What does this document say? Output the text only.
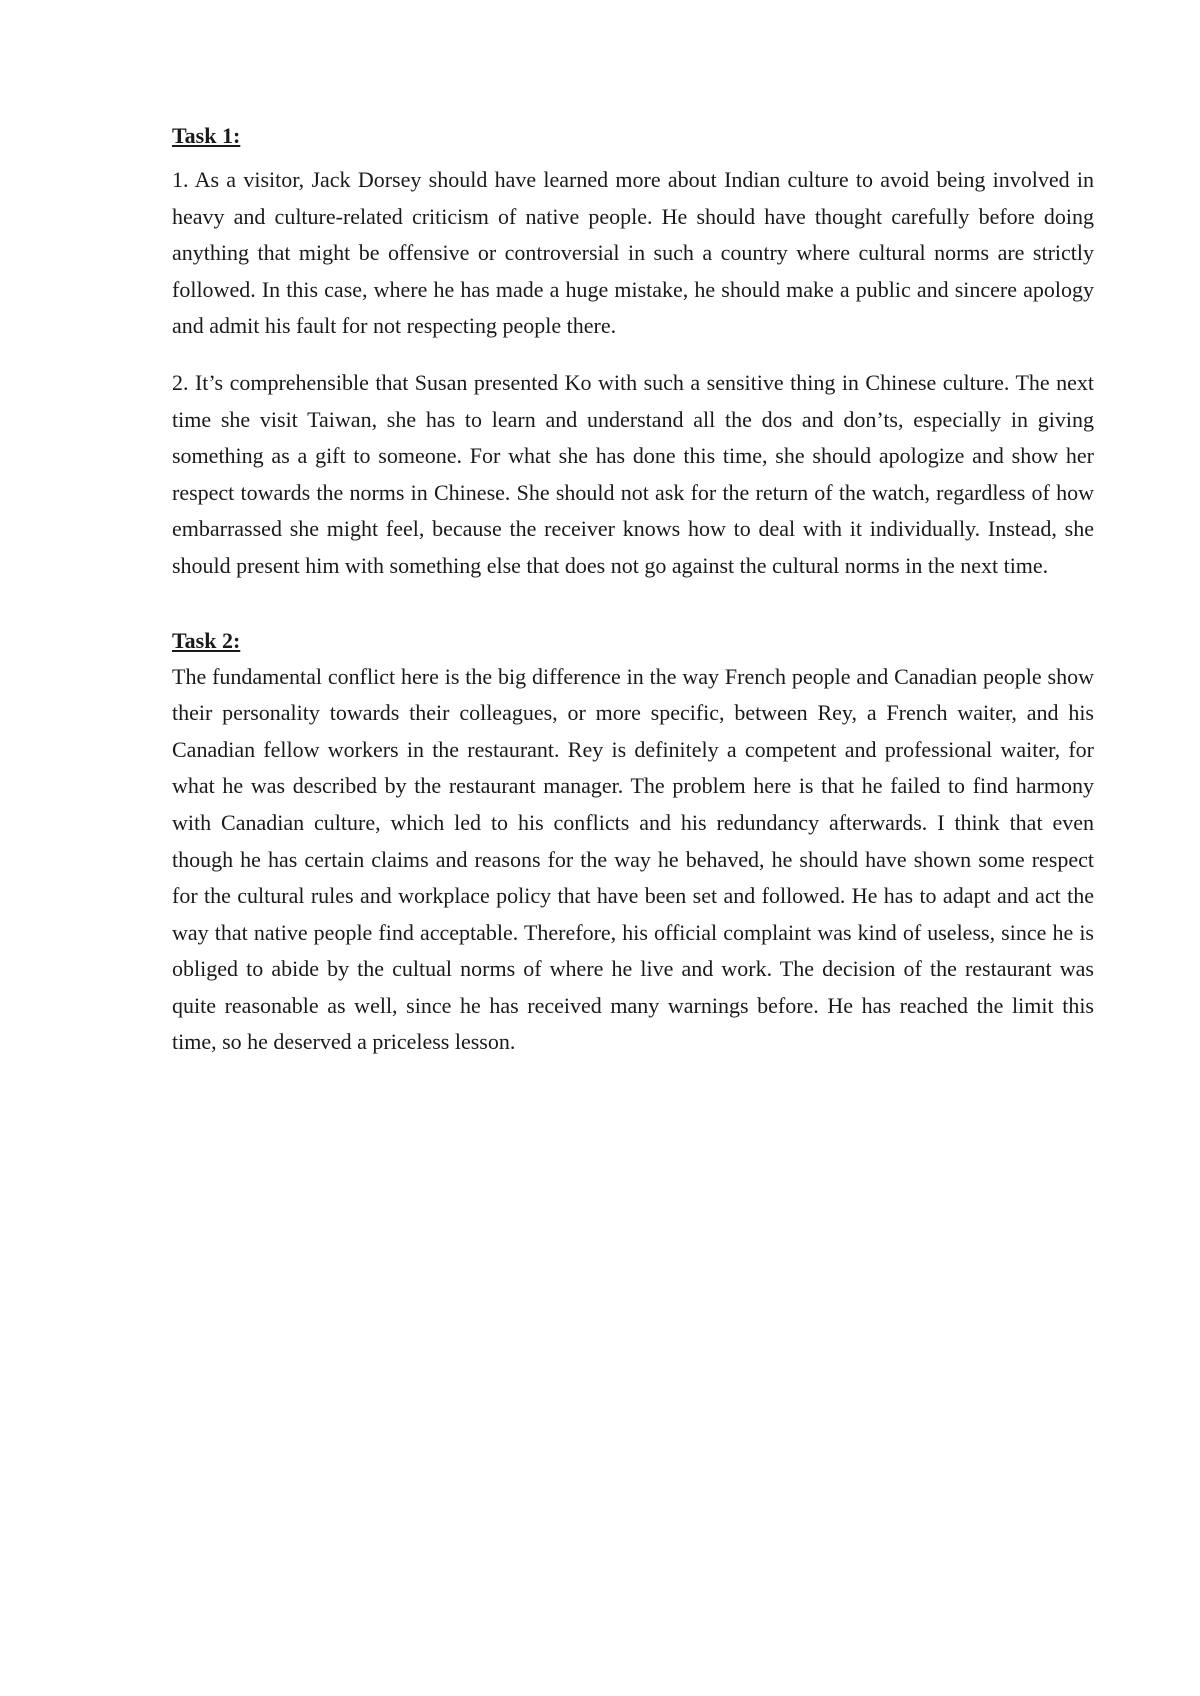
Task 1:

1. As a visitor, Jack Dorsey should have learned more about Indian culture to avoid being involved in heavy and culture-related criticism of native people. He should have thought carefully before doing anything that might be offensive or controversial in such a country where cultural norms are strictly followed. In this case, where he has made a huge mistake, he should make a public and sincere apology and admit his fault for not respecting people there.

2. It’s comprehensible that Susan presented Ko with such a sensitive thing in Chinese culture. The next time she visit Taiwan, she has to learn and understand all the dos and don’ts, especially in giving something as a gift to someone. For what she has done this time, she should apologize and show her respect towards the norms in Chinese. She should not ask for the return of the watch, regardless of how embarrassed she might feel, because the receiver knows how to deal with it individually. Instead, she should present him with something else that does not go against the cultural norms in the next time.

Task 2:

The fundamental conflict here is the big difference in the way French people and Canadian people show their personality towards their colleagues, or more specific, between Rey, a French waiter, and his Canadian fellow workers in the restaurant. Rey is definitely a competent and professional waiter, for what he was described by the restaurant manager. The problem here is that he failed to find harmony with Canadian culture, which led to his conflicts and his redundancy afterwards. I think that even though he has certain claims and reasons for the way he behaved, he should have shown some respect for the cultural rules and workplace policy that have been set and followed. He has to adapt and act the way that native people find acceptable. Therefore, his official complaint was kind of useless, since he is obliged to abide by the cultual norms of where he live and work. The decision of the restaurant was quite reasonable as well, since he has received many warnings before. He has reached the limit this time, so he deserved a priceless lesson.
